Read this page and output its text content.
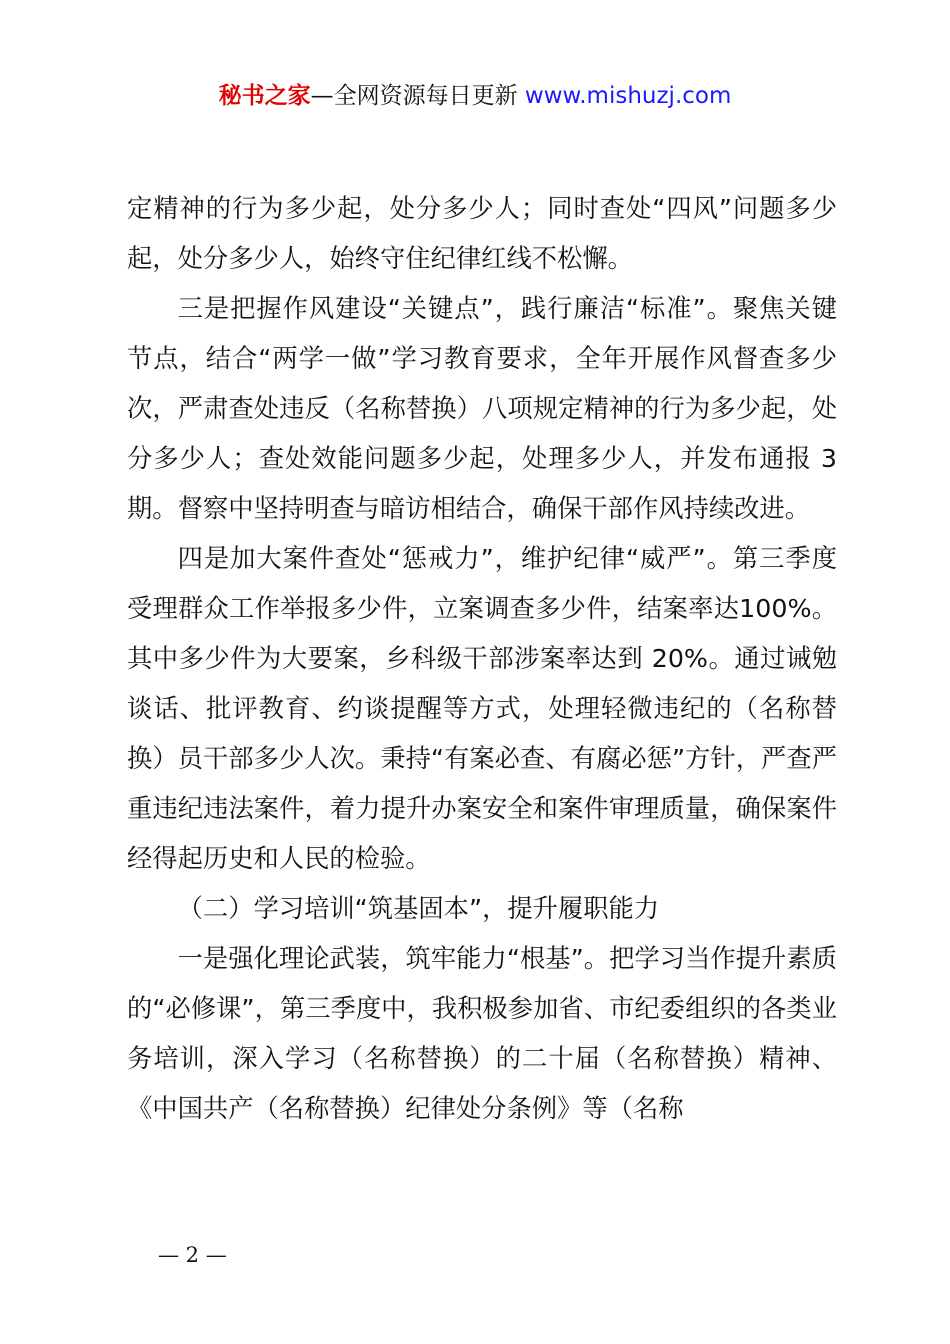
秘书之家—全网资源每日更新 www.mishuzj.com

定精神的行为多少起，处分多少人；同时查处“四风”问题多少起，处分多少人，始终守住纪律红线不松懈。

三是把握作风建设“关键点”，践行廉洁“标准”。聚焦关键节点，结合“两学一做”学习教育要求，全年开展作风督查多少次，严肃查处违反（名称替换）八项规定精神的行为多少起，处分多少人；查处效能问题多少起，处理多少人，并发布通报 3 期。督察中坚持明查与暗访相结合，确保干部作风持续改进。

四是加大案件查处“惩戒力”，维护纪律“威严”。第三季度受理群众工作举报多少件，立案调查多少件，结案率达100%。其中多少件为大要案，乡科级干部涉案率达到 20%。通过诫勉谈话、批评教育、约谈提醒等方式，处理轻微违纪的（名称替换）员干部多少人次。秉持“有案必查、有腐必惩”方针，严查严重违纪违法案件，着力提升办案安全和案件审理质量，确保案件经得起历史和人民的检验。

（二）学习培训“筑基固本”，提升履职能力

一是强化理论武装，筑牢能力“根基”。把学习当作提升素质的“必修课”，第三季度中，我积极参加省、市纪委组织的各类业务培训，深入学习（名称替换）的二十届（名称替换）精神、《中国共产（名称替换）纪律处分条例》等（名称

— 2 —
